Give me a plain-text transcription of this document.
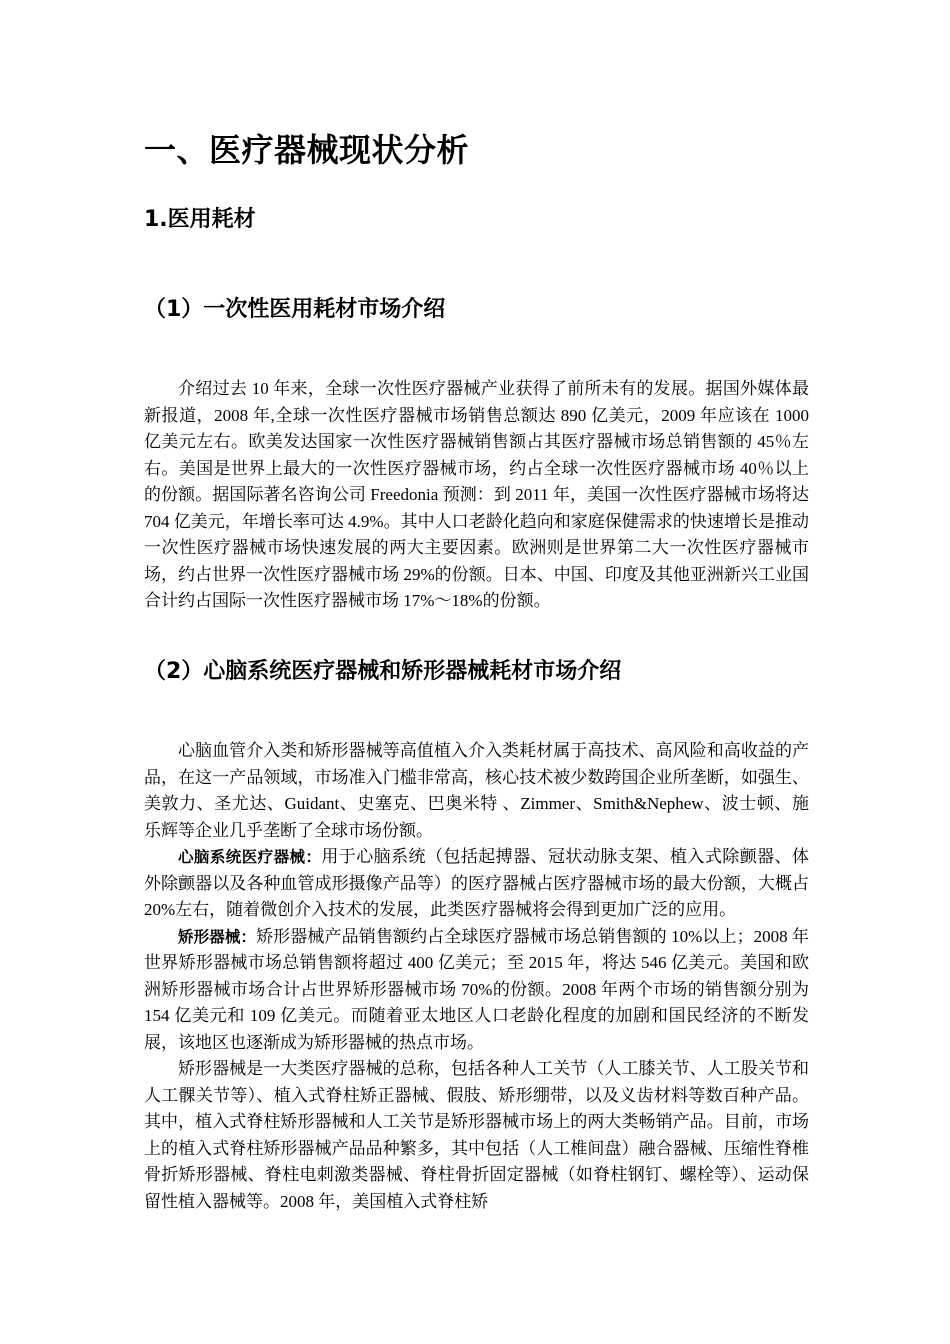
一、医疗器械现状分析
1.医用耗材
（1）一次性医用耗材市场介绍

介绍过去 10 年来，全球一次性医疗器械产业获得了前所未有的发展。据国外媒体最新报道，2008 年,全球一次性医疗器械市场销售总额达 890 亿美元，2009 年应该在 1000 亿美元左右。欧美发达国家一次性医疗器械销售额占其医疗器械市场总销售额的 45％左右。美国是世界上最大的一次性医疗器械市场，约占全球一次性医疗器械市场 40％以上的份额。据国际著名咨询公司 Freedonia 预测：到 2011 年，美国一次性医疗器械市场将达 704 亿美元，年增长率可达 4.9%。其中人口老龄化趋向和家庭保健需求的快速增长是推动一次性医疗器械市场快速发展的两大主要因素。欧洲则是世界第二大一次性医疗器械市场，约占世界一次性医疗器械市场 29%的份额。日本、中国、印度及其他亚洲新兴工业国合计约占国际一次性医疗器械市场 17%～18%的份额。

（2）心脑系统医疗器械和矫形器械耗材市场介绍

心脑血管介入类和矫形器械等高值植入介入类耗材属于高技术、高风险和高收益的产品，在这一产品领域，市场准入门槛非常高，核心技术被少数跨国企业所垄断，如强生、美敦力、圣尤达、Guidant、史塞克、巴奥米特 、Zimmer、Smith&Nephew、波士顿、施乐辉等企业几乎垄断了全球市场份额。

心脑系统医疗器械：用于心脑系统（包括起搏器、冠状动脉支架、植入式除颤器、体外除颤器以及各种血管成形摄像产品等）的医疗器械占医疗器械市场的最大份额，大概占 20%左右，随着微创介入技术的发展，此类医疗器械将会得到更加广泛的应用。

矫形器械：矫形器械产品销售额约占全球医疗器械市场总销售额的 10%以上；2008 年世界矫形器械市场总销售额将超过 400 亿美元；至 2015 年，将达 546 亿美元。美国和欧洲矫形器械市场合计占世界矫形器械市场 70%的份额。2008 年两个市场的销售额分别为 154 亿美元和 109 亿美元。而随着亚太地区人口老龄化程度的加剧和国民经济的不断发展，该地区也逐渐成为矫形器械的热点市场。

矫形器械是一大类医疗器械的总称，包括各种人工关节（人工膝关节、人工股关节和人工髁关节等）、植入式脊柱矫正器械、假肢、矫形绷带，以及义齿材料等数百种产品。其中，植入式脊柱矫形器械和人工关节是矫形器械市场上的两大类畅销产品。目前，市场上的植入式脊柱矫形器械产品品种繁多，其中包括（人工椎间盘）融合器械、压缩性脊椎骨折矫形器械、脊柱电刺激类器械、脊柱骨折固定器械（如脊柱钢钉、螺栓等）、运动保留性植入器械等。2008 年，美国植入式脊柱矫
